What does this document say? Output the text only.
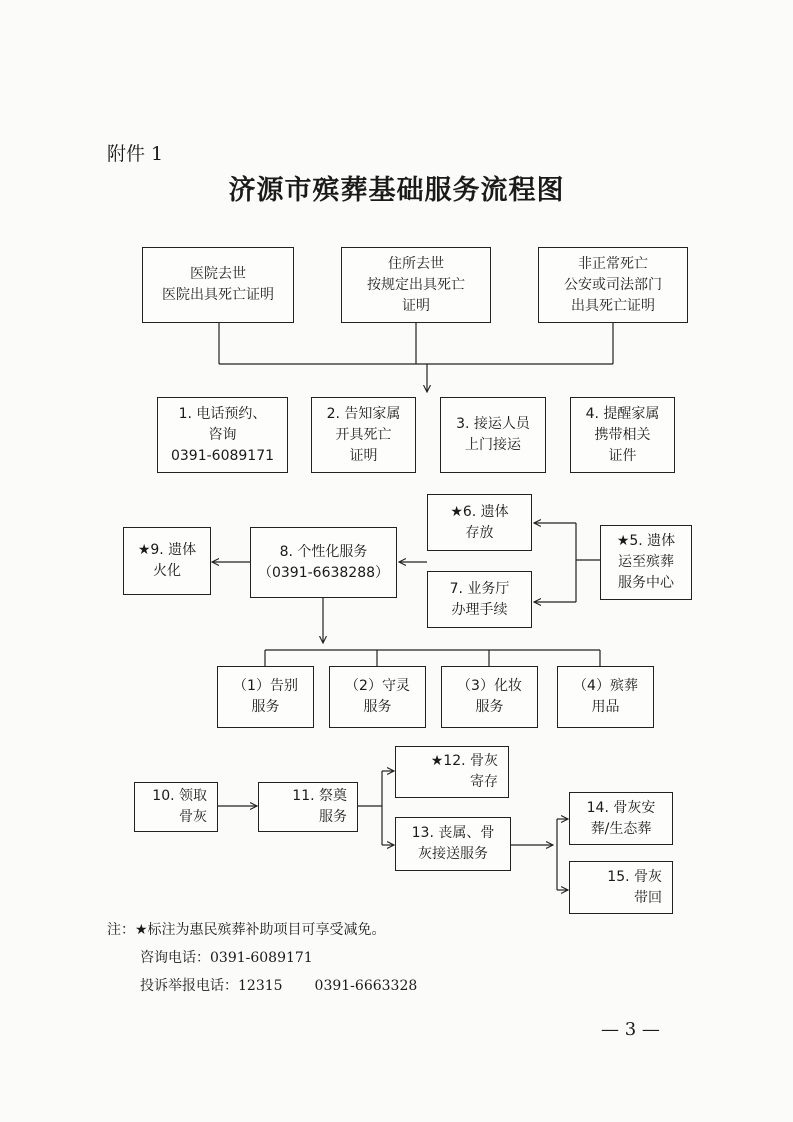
附件 1
济源市殡葬基础服务流程图
医院去世
医院出具死亡证明
住所去世
按规定出具死亡
证明
非正常死亡
公安或司法部门
出具死亡证明
1. 电话预约、
咨询
0391-6089171
2. 告知家属
开具死亡
证明
3. 接运人员
上门接运
4. 提醒家属
携带相关
证件
★6. 遗体
存放
7. 业务厅
办理手续
★5. 遗体
运至殡葬
服务中心
8. 个性化服务
（0391-6638288）
★9. 遗体
火化
（1）告别
服务
（2）守灵
服务
（3）化妆
服务
（4）殡葬
用品
10. 领取
骨灰
11. 祭奠
服务
★12. 骨灰
寄存
13. 丧属、骨
灰接送服务
14. 骨灰安
葬/生态葬
15. 骨灰
带回
注：★标注为惠民殡葬补助项目可享受减免。
咨询电话：0391-6089171
投诉举报电话：12315 0391-6663328
— 3 —
